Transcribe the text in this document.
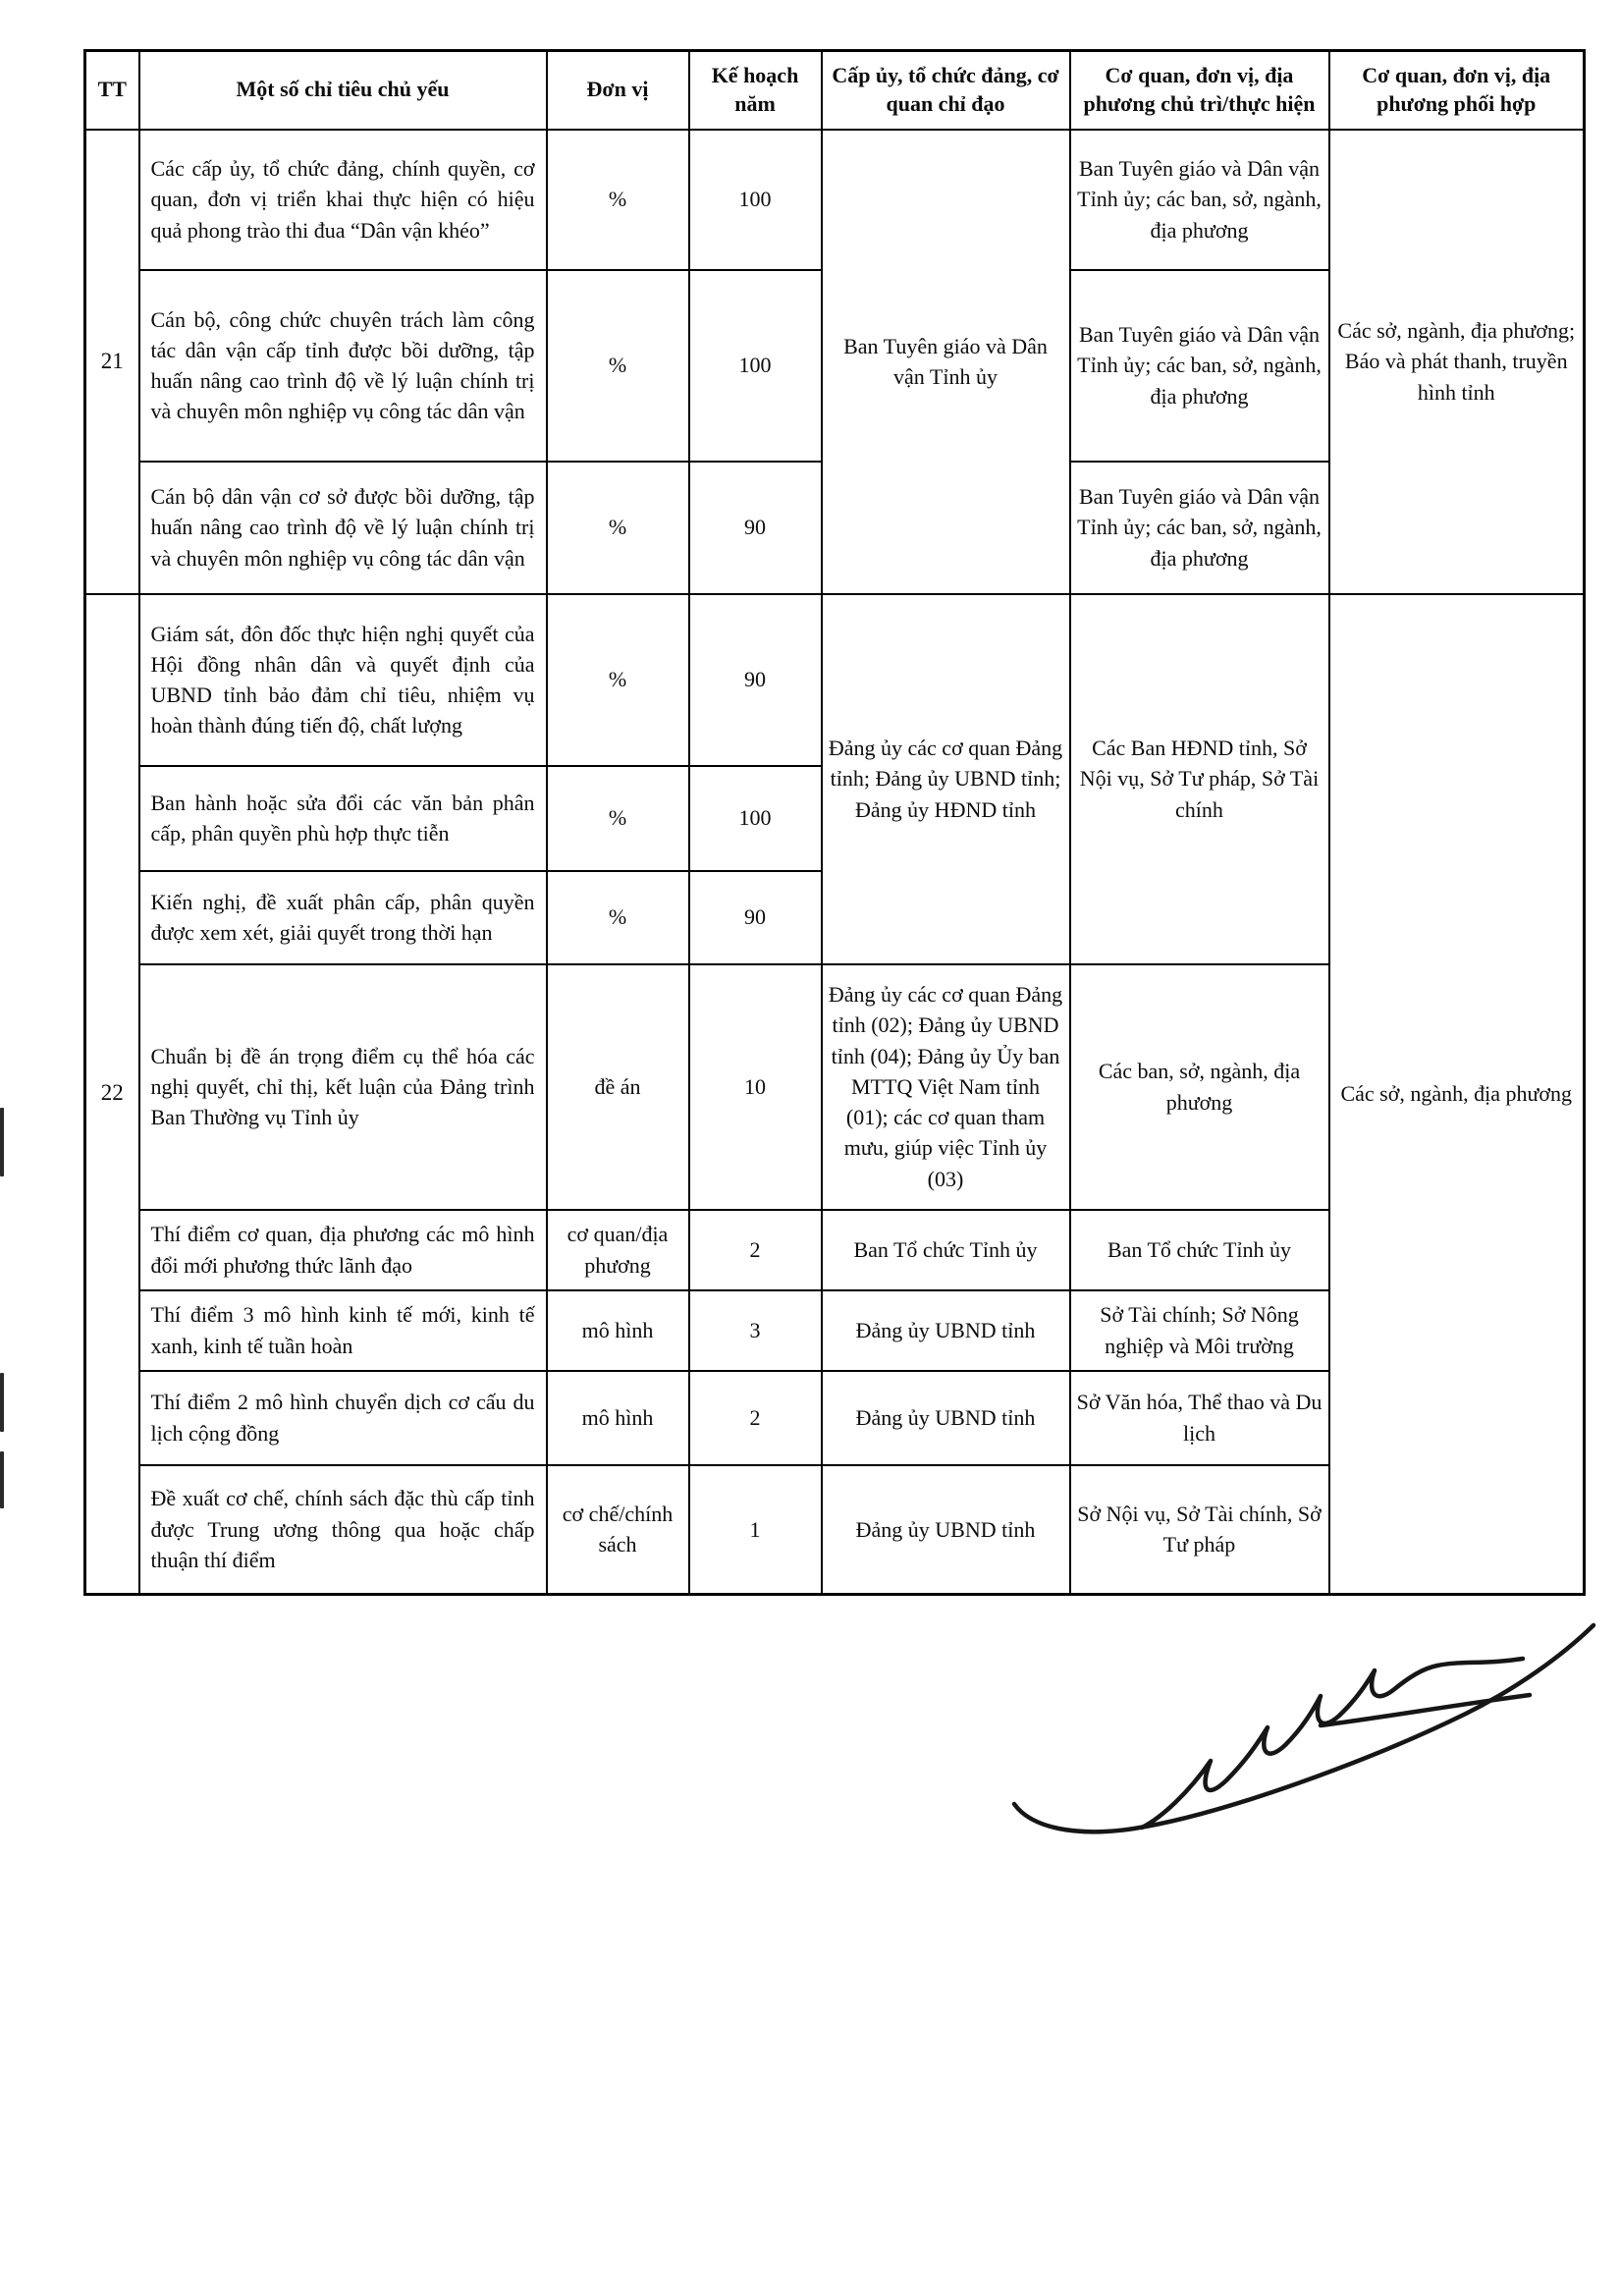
TT	Một số chỉ tiêu chủ yếu	Đơn vị	Kế hoạch năm	Cấp ủy, tổ chức đảng, cơ quan chỉ đạo	Cơ quan, đơn vị, địa phương chủ trì/thực hiện	Cơ quan, đơn vị, địa phương phối hợp
21	Các cấp ủy, tổ chức đảng, chính quyền, cơ quan, đơn vị triển khai thực hiện có hiệu quả phong trào thi đua “Dân vận khéo”	%	100	Ban Tuyên giáo và Dân vận Tỉnh ủy	Ban Tuyên giáo và Dân vận Tỉnh ủy; các ban, sở, ngành, địa phương	Các sở, ngành, địa phương; Báo và phát thanh, truyền hình tỉnh
	Cán bộ, công chức chuyên trách làm công tác dân vận cấp tỉnh được bồi dưỡng, tập huấn nâng cao trình độ về lý luận chính trị và chuyên môn nghiệp vụ công tác dân vận	%	100		Ban Tuyên giáo và Dân vận Tỉnh ủy; các ban, sở, ngành, địa phương	
	Cán bộ dân vận cơ sở được bồi dưỡng, tập huấn nâng cao trình độ về lý luận chính trị và chuyên môn nghiệp vụ công tác dân vận	%	90		Ban Tuyên giáo và Dân vận Tỉnh ủy; các ban, sở, ngành, địa phương	
22	Giám sát, đôn đốc thực hiện nghị quyết của Hội đồng nhân dân và quyết định của UBND tỉnh bảo đảm chỉ tiêu, nhiệm vụ hoàn thành đúng tiến độ, chất lượng	%	90	Đảng ủy các cơ quan Đảng tỉnh; Đảng ủy UBND tỉnh; Đảng ủy HĐND tỉnh	Các Ban HĐND tỉnh, Sở Nội vụ, Sở Tư pháp, Sở Tài chính	Các sở, ngành, địa phương
	Ban hành hoặc sửa đổi các văn bản phân cấp, phân quyền phù hợp thực tiễn	%	100			
	Kiến nghị, đề xuất phân cấp, phân quyền được xem xét, giải quyết trong thời hạn	%	90			
	Chuẩn bị đề án trọng điểm cụ thể hóa các nghị quyết, chỉ thị, kết luận của Đảng trình Ban Thường vụ Tỉnh ủy	đề án	10	Đảng ủy các cơ quan Đảng tỉnh (02); Đảng ủy UBND tỉnh (04); Đảng ủy Ủy ban MTTQ Việt Nam tỉnh (01); các cơ quan tham mưu, giúp việc Tỉnh ủy (03)	Các ban, sở, ngành, địa phương	
	Thí điểm cơ quan, địa phương các mô hình đổi mới phương thức lãnh đạo	cơ quan/địa phương	2	Ban Tổ chức Tỉnh ủy	Ban Tổ chức Tỉnh ủy	
	Thí điểm 3 mô hình kinh tế mới, kinh tế xanh, kinh tế tuần hoàn	mô hình	3	Đảng ủy UBND tỉnh	Sở Tài chính; Sở Nông nghiệp và Môi trường	
	Thí điểm 2 mô hình chuyển dịch cơ cấu du lịch cộng đồng	mô hình	2	Đảng ủy UBND tỉnh	Sở Văn hóa, Thể thao và Du lịch	
	Đề xuất cơ chế, chính sách đặc thù cấp tỉnh được Trung ương thông qua hoặc chấp thuận thí điểm	cơ chế/chính sách	1	Đảng ủy UBND tỉnh	Sở Nội vụ, Sở Tài chính, Sở Tư pháp	
